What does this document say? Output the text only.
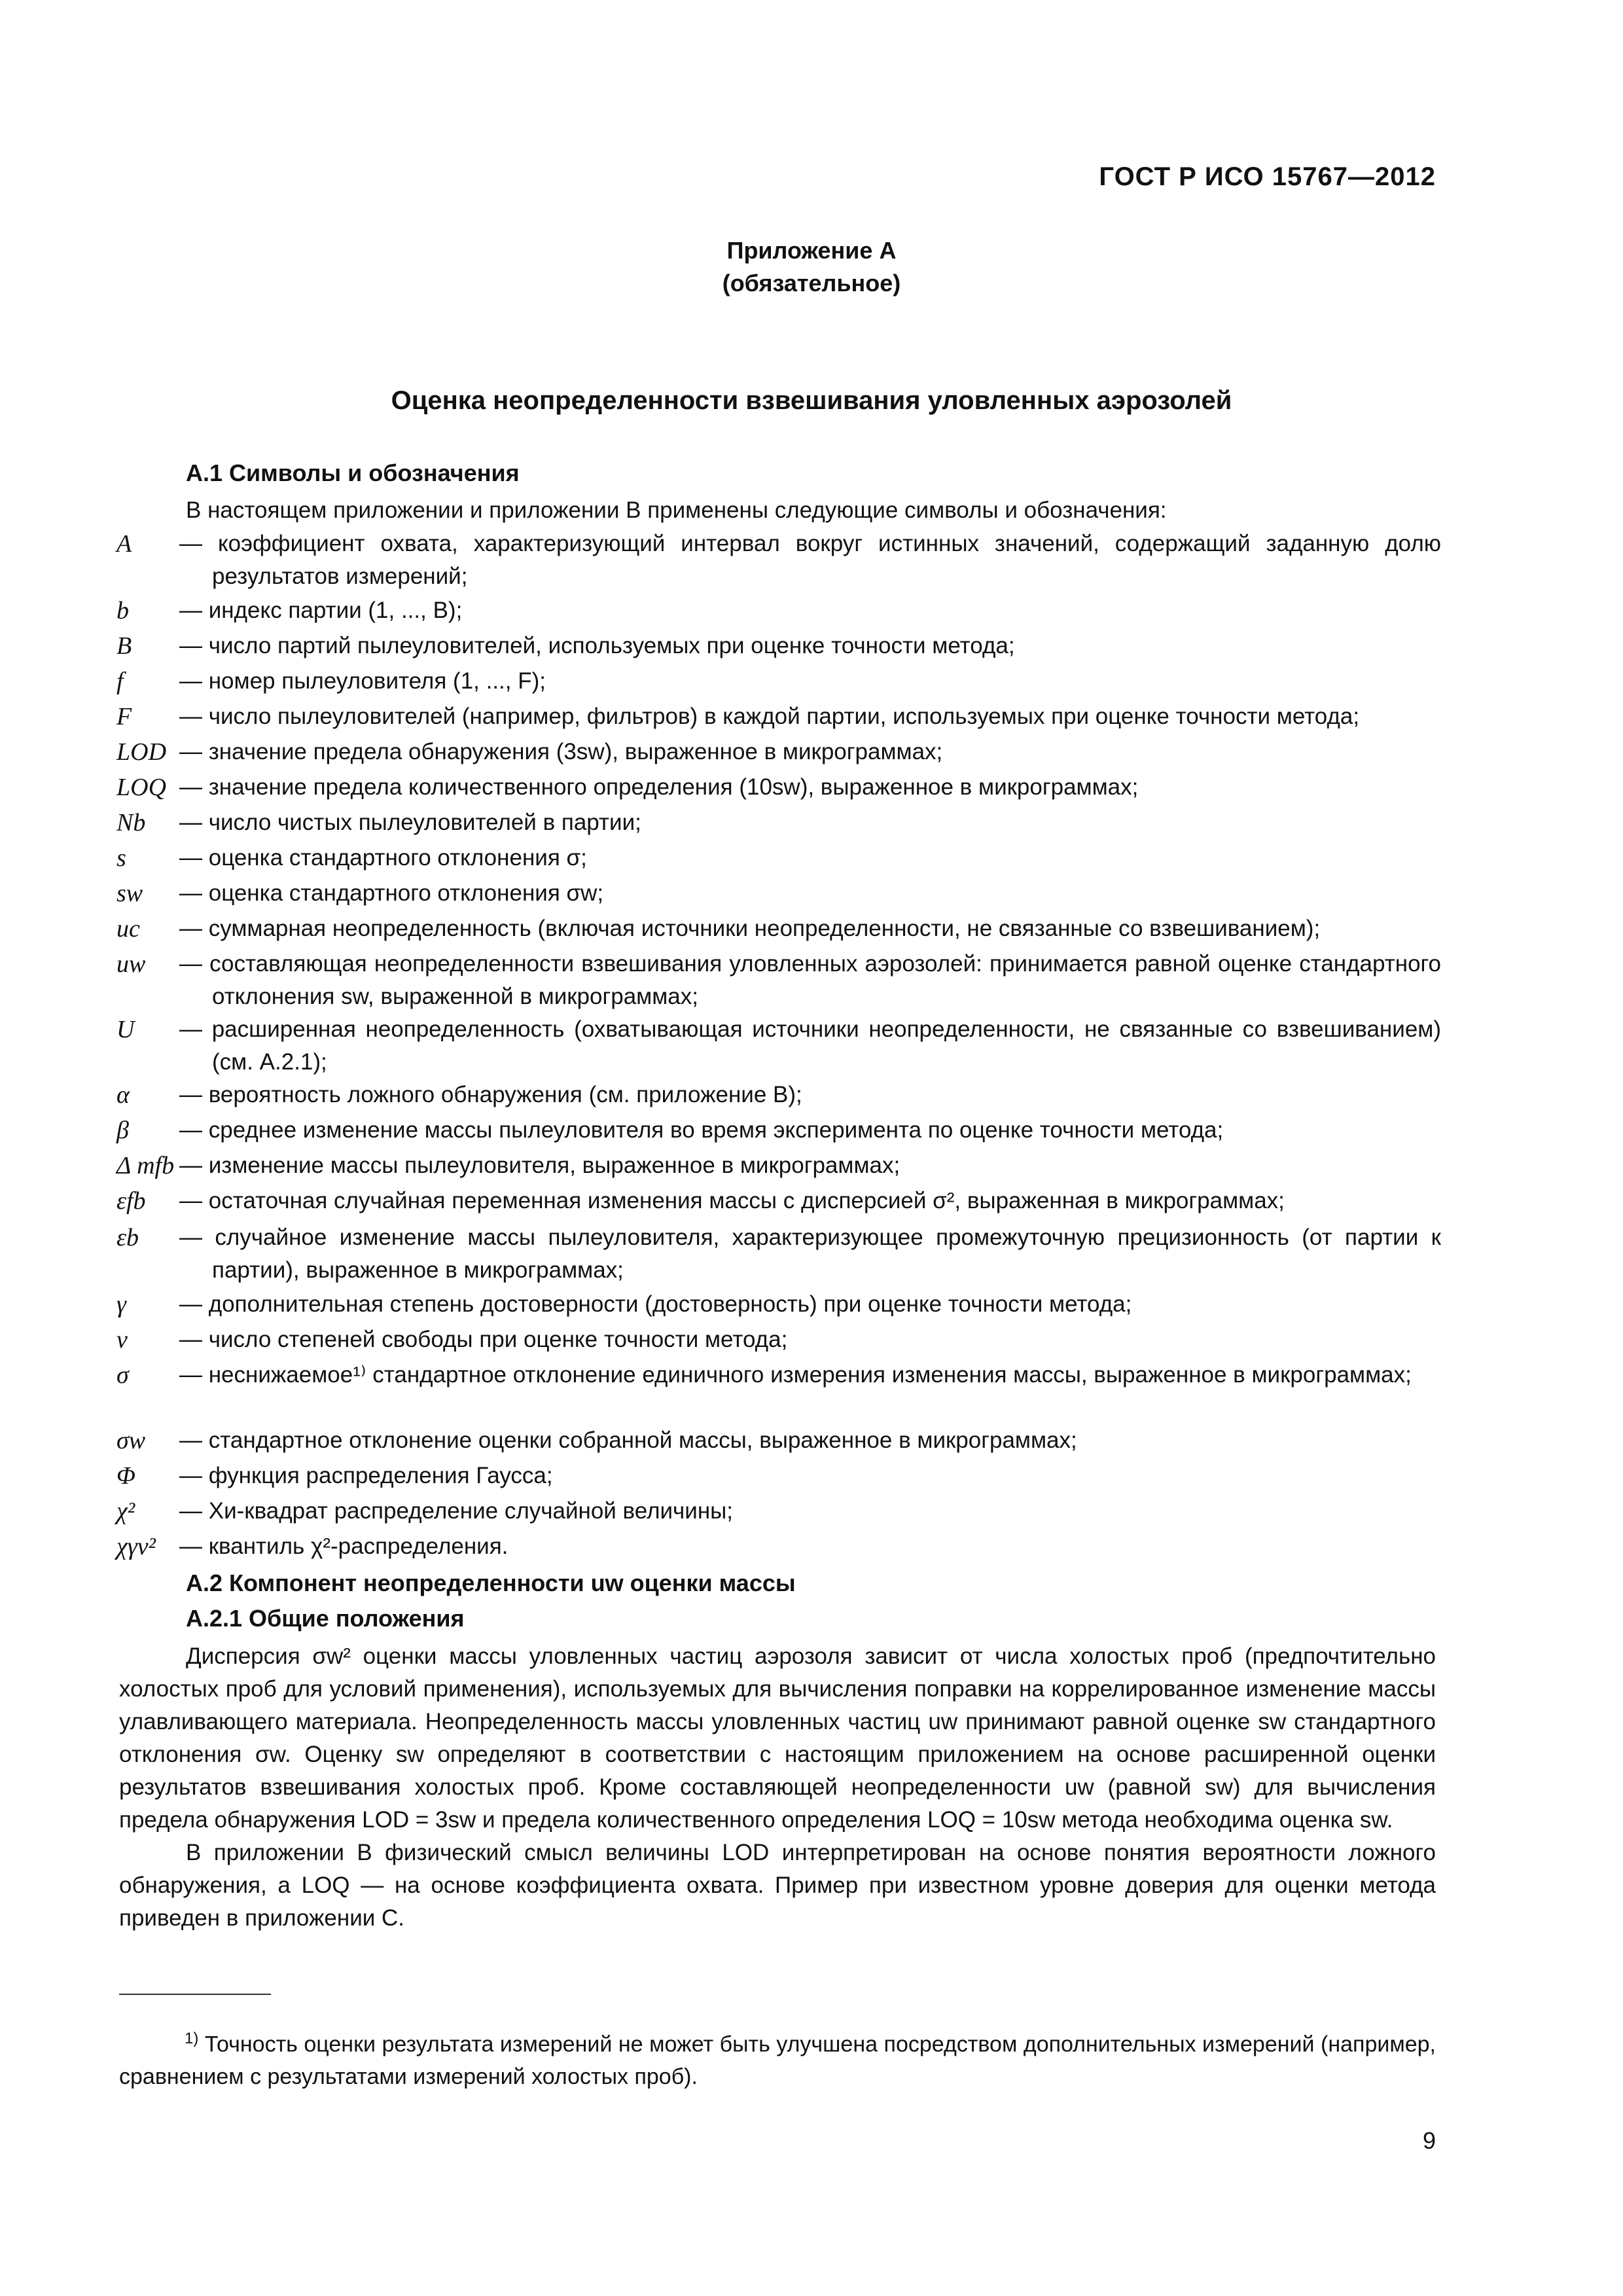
ГОСТ Р ИСО 15767—2012
Приложение А
(обязательное)
Оценка неопределенности взвешивания уловленных аэрозолей
А.1 Символы и обозначения
В настоящем приложении и приложении В применены следующие символы и обозначения:
A	— коэффициент охвата, характеризующий интервал вокруг истинных значений, содержащий заданную долю результатов измерений;
b	— индекс партии (1, ..., B);
B	— число партий пылеуловителей, используемых при оценке точности метода;
f	— номер пылеуловителя (1, ..., F);
F	— число пылеуловителей (например, фильтров) в каждой партии, используемых при оценке точности метода;
LOD — значение предела обнаружения (3sw), выраженное в микрограммах;
LOQ — значение предела количественного определения (10sw), выраженное в микрограммах;
Nb	— число чистых пылеуловителей в партии;
s	— оценка стандартного отклонения σ;
sw	— оценка стандартного отклонения σw;
uc	— суммарная неопределенность (включая источники неопределенности, не связанные со взвешиванием);
uw	— составляющая неопределенности взвешивания уловленных аэрозолей: принимается равной оценке стандартного отклонения sw, выраженной в микрограммах;
U	— расширенная неопределенность (охватывающая источники неопределенности, не связанные со взвешиванием) (см. А.2.1);
α	— вероятность ложного обнаружения (см. приложение В);
β	— среднее изменение массы пылеуловителя во время эксперимента по оценке точности метода;
Δ mfb — изменение массы пылеуловителя, выраженное в микрограммах;
εfb	— остаточная случайная переменная изменения массы с дисперсией σ², выраженная в микрограммах;
εb	— случайное изменение массы пылеуловителя, характеризующее промежуточную прецизионность (от партии к партии), выраженное в микрограммах;
γ	— дополнительная степень достоверности (достоверность) при оценке точности метода;
ν	— число степеней свободы при оценке точности метода;
σ	— неснижаемое¹⁾ стандартное отклонение единичного измерения изменения массы, выраженное в микрограммах;
σw	— стандартное отклонение оценки собранной массы, выраженное в микрограммах;
Φ	— функция распределения Гаусса;
χ²	— Хи-квадрат распределение случайной величины;
χγν²	— квантиль χ²-распределения.
А.2 Компонент неопределенности uw оценки массы
А.2.1 Общие положения

Дисперсия σw² оценки массы уловленных частиц аэрозоля зависит от числа холостых проб (предпочтительно холостых проб для условий применения), используемых для вычисления поправки на коррелированное изменение массы улавливающего материала. Неопределенность массы уловленных частиц uw принимают равной оценке sw стандартного отклонения σw. Оценку sw определяют в соответствии с настоящим приложением на основе расширенной оценки результатов взвешивания холостых проб. Кроме составляющей неопределенности uw (равной sw) для вычисления предела обнаружения LOD = 3sw и предела количественного определения LOQ = 10sw метода необходима оценка sw.

В приложении В физический смысл величины LOD интерпретирован на основе понятия вероятности ложного обнаружения, а LOQ — на основе коэффициента охвата. Пример при известном уровне доверия для оценки метода приведен в приложении С.

$^{1)}$ Точность оценки результата измерений не может быть улучшена посредством дополнительных измерений (например, сравнением с результатами измерений холостых проб).
9
